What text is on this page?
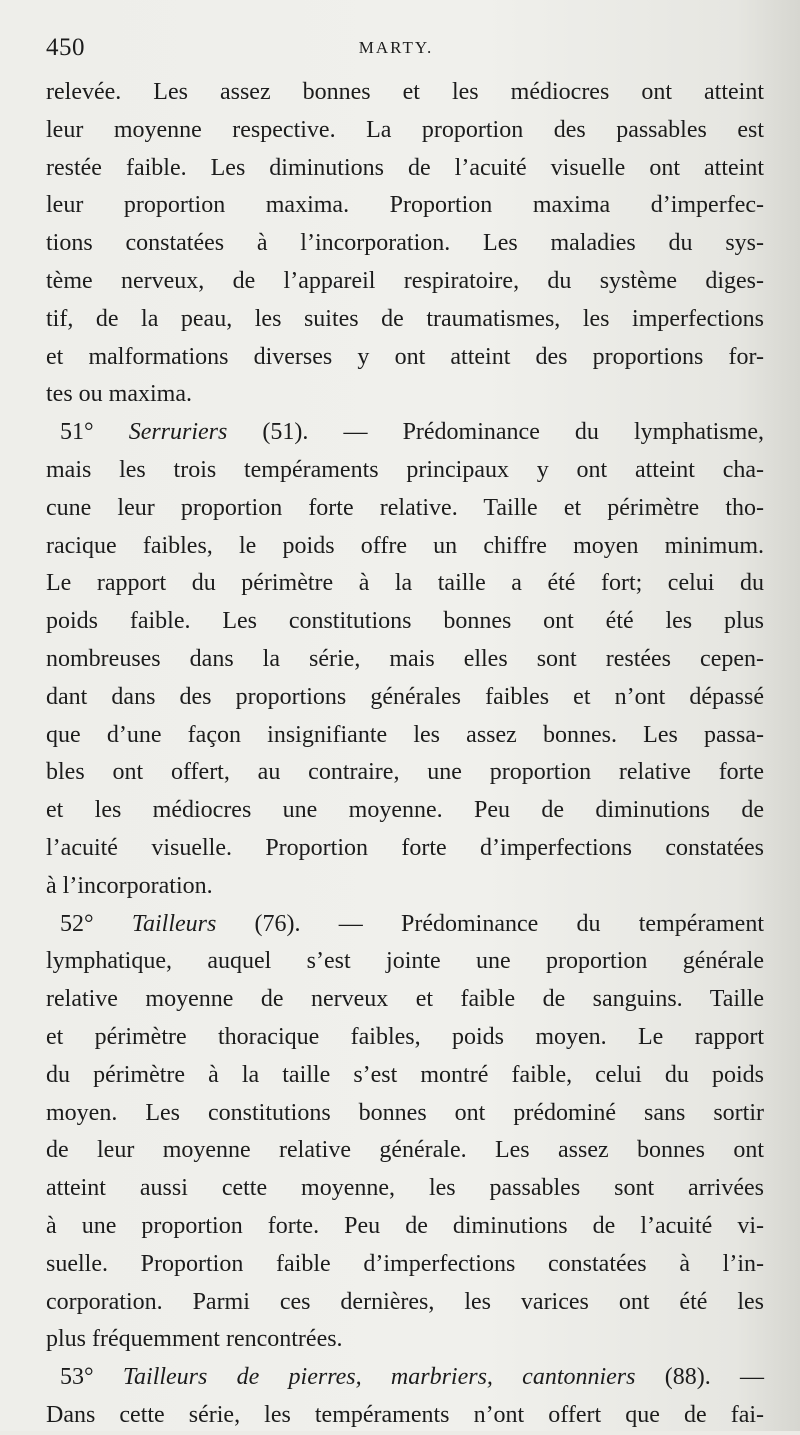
450	MARTY.
relevée. Les assez bonnes et les médiocres ont atteint
leur moyenne respective. La proportion des passables est
restée faible. Les diminutions de l’acuité visuelle ont atteint
leur proportion maxima. Proportion maxima d’imperfec-
tions constatées à l’incorporation. Les maladies du sys-
tème nerveux, de l’appareil respiratoire, du système diges-
tif, de la peau, les suites de traumatismes, les imperfections
et malformations diverses y ont atteint des proportions for-
tes ou maxima.
51° Serruriers (51). — Prédominance du lymphatisme,
mais les trois tempéraments principaux y ont atteint cha-
cune leur proportion forte relative. Taille et périmètre tho-
racique faibles, le poids offre un chiffre moyen minimum.
Le rapport du périmètre à la taille a été fort; celui du
poids faible. Les constitutions bonnes ont été les plus
nombreuses dans la série, mais elles sont restées cepen-
dant dans des proportions générales faibles et n’ont dépassé
que d’une façon insignifiante les assez bonnes. Les passa-
bles ont offert, au contraire, une proportion relative forte
et les médiocres une moyenne. Peu de diminutions de
l’acuité visuelle. Proportion forte d’imperfections constatées
à l’incorporation.
52° Tailleurs (76). — Prédominance du tempérament
lymphatique, auquel s’est jointe une proportion générale
relative moyenne de nerveux et faible de sanguins. Taille
et périmètre thoracique faibles, poids moyen. Le rapport
du périmètre à la taille s’est montré faible, celui du poids
moyen. Les constitutions bonnes ont prédominé sans sortir
de leur moyenne relative générale. Les assez bonnes ont
atteint aussi cette moyenne, les passables sont arrivées
à une proportion forte. Peu de diminutions de l’acuité vi-
suelle. Proportion faible d’imperfections constatées à l’in-
corporation. Parmi ces dernières, les varices ont été les
plus fréquemment rencontrées.
53° Tailleurs de pierres, marbriers, cantonniers (88). —
Dans cette série, les tempéraments n’ont offert que de fai-
